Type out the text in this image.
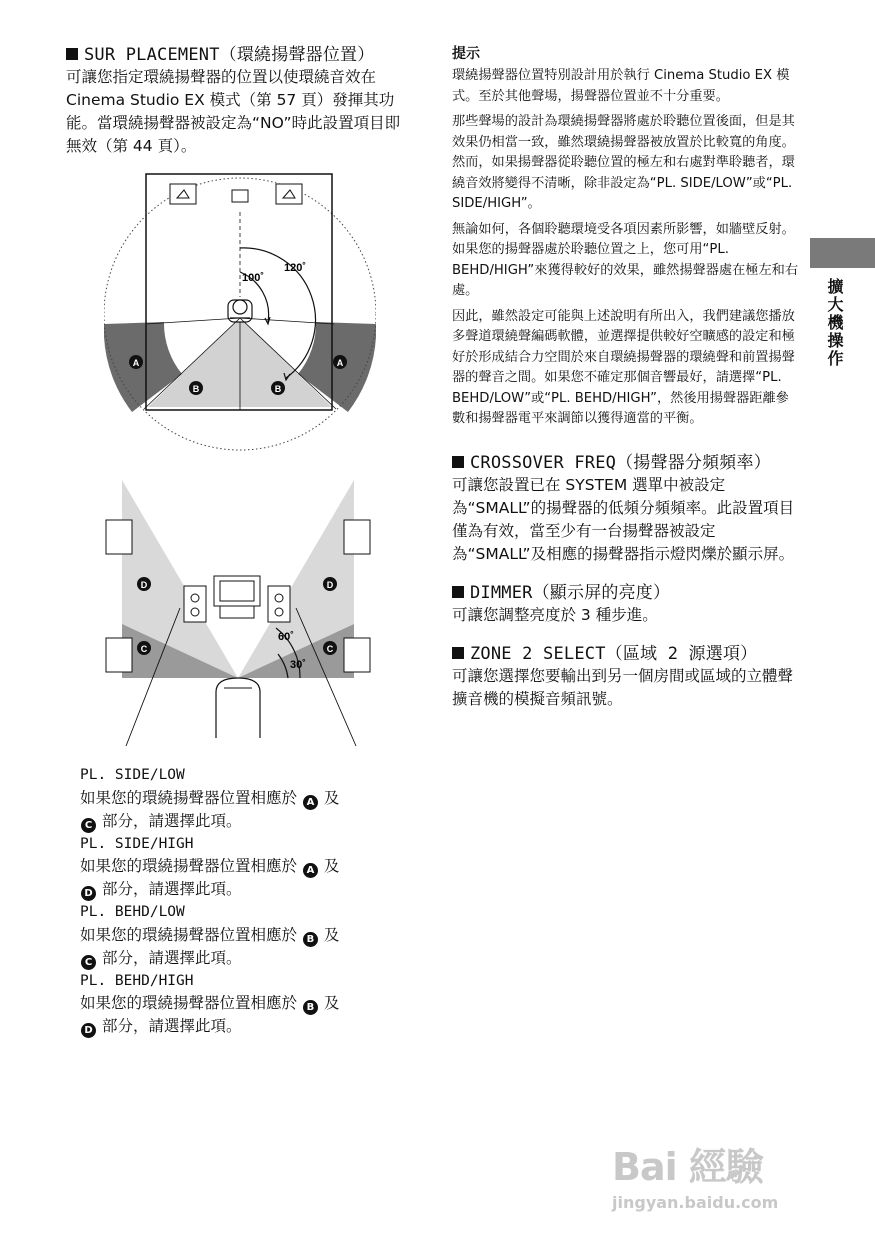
SUR PLACEMENT（環繞揚聲器位置）

可讓您指定環繞揚聲器的位置以使環繞音效在 Cinema Studio EX 模式（第 57 頁）發揮其功能。當環繞揚聲器被設定為“NO”時此設置項目即無效（第 44 頁）。

100˚
120˚
A	A
B	B
60˚
30˚
D	D
C	C

PL. SIDE/LOW

如果您的環繞揚聲器位置相應於 A 及
C 部分，請選擇此項。

PL. SIDE/HIGH

如果您的環繞揚聲器位置相應於 A 及
D 部分，請選擇此項。

PL. BEHD/LOW

如果您的環繞揚聲器位置相應於 B 及
C 部分，請選擇此項。

PL. BEHD/HIGH

如果您的環繞揚聲器位置相應於 B 及
D 部分，請選擇此項。

提示

環繞揚聲器位置特別設計用於執行 Cinema Studio EX 模式。至於其他聲場，揚聲器位置並不十分重要。

那些聲場的設計為環繞揚聲器將處於聆聽位置後面，但是其效果仍相當一致，雖然環繞揚聲器被放置於比較寬的角度。然而，如果揚聲器從聆聽位置的極左和右處對準聆聽者，環繞音效將變得不清晰，除非設定為“PL. SIDE/LOW”或“PL. SIDE/HIGH”。

無論如何，各個聆聽環境受各項因素所影響，如牆壁反射。如果您的揚聲器處於聆聽位置之上，您可用“PL. BEHD/HIGH”來獲得較好的效果，雖然揚聲器處在極左和右處。

因此，雖然設定可能與上述說明有所出入，我們建議您播放多聲道環繞聲編碼軟體，並選擇提供較好空曠感的設定和極好於形成結合力空間於來自環繞揚聲器的環繞聲和前置揚聲器的聲音之間。如果您不確定那個音響最好，請選擇“PL. BEHD/LOW”或“PL. BEHD/HIGH”，然後用揚聲器距離參數和揚聲器電平來調節以獲得適當的平衡。

CROSSOVER FREQ（揚聲器分頻頻率）

可讓您設置已在 SYSTEM 選單中被設定為“SMALL”的揚聲器的低頻分頻頻率。此設置項目僅為有效，當至少有一台揚聲器被設定為“SMALL”及相應的揚聲器指示燈閃爍於顯示屏。

DIMMER（顯示屏的亮度）

可讓您調整亮度於 3 種步進。

ZONE 2 SELECT（區域 2 源選項）

可讓您選擇您要輸出到另一個房間或區域的立體聲擴音機的模擬音頻訊號。

擴大機操作
Bai 經驗
jingyan.baidu.com
